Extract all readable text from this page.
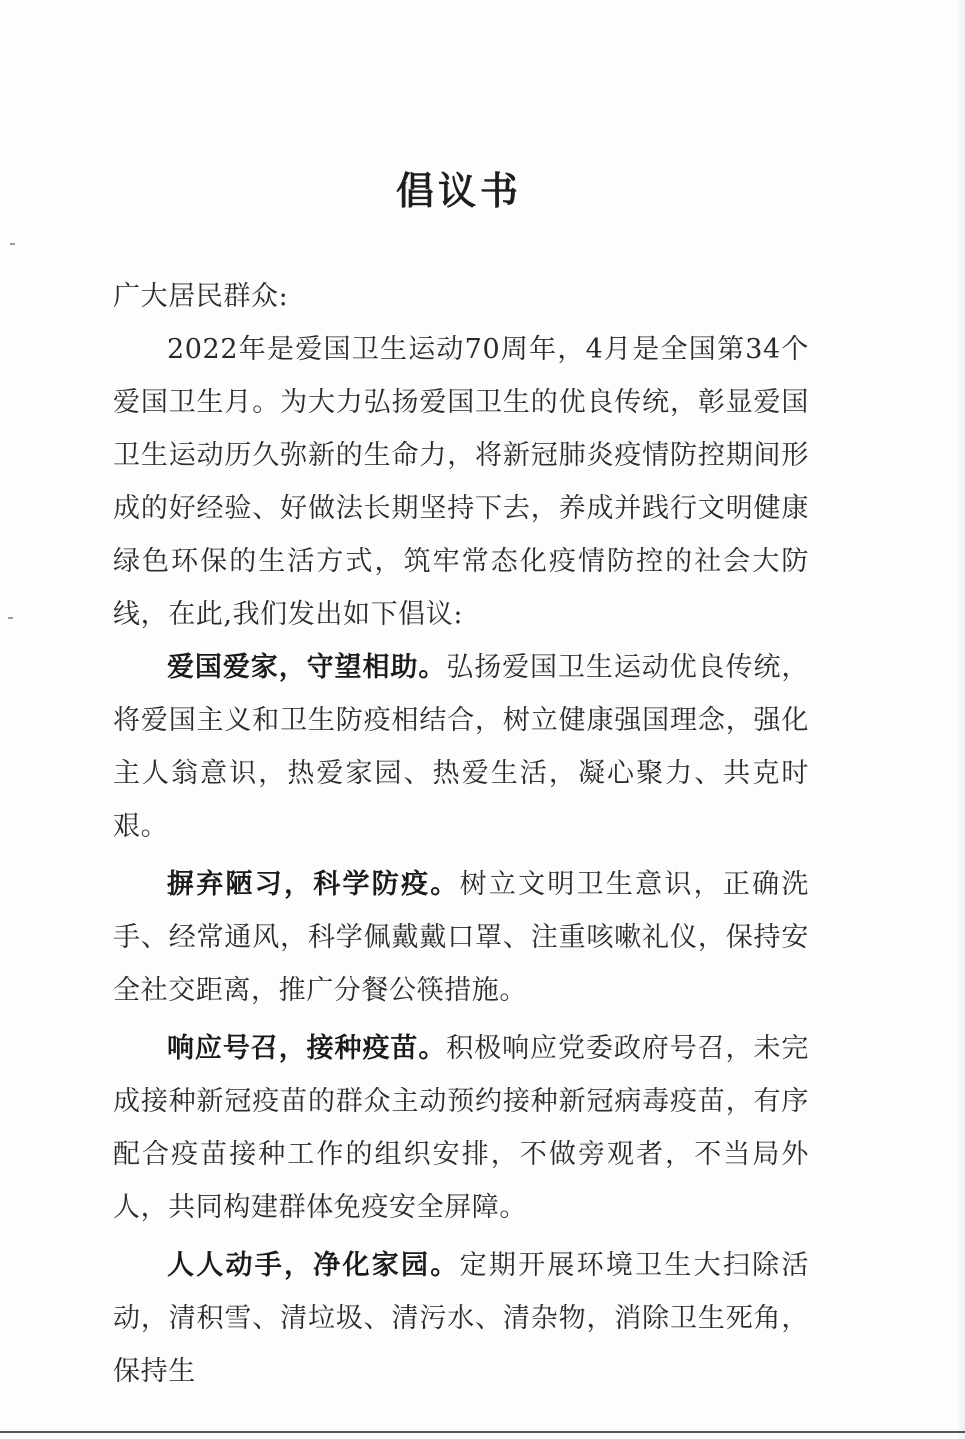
倡议书

广大居民群众:

2022年是爱国卫生运动70周年，4月是全国第34个爱国卫生月。为大力弘扬爱国卫生的优良传统，彰显爱国卫生运动历久弥新的生命力，将新冠肺炎疫情防控期间形成的好经验、好做法长期坚持下去，养成并践行文明健康绿色环保的生活方式，筑牢常态化疫情防控的社会大防线，在此,我们发出如下倡议:

爱国爱家，守望相助。弘扬爱国卫生运动优良传统，将爱国主义和卫生防疫相结合，树立健康强国理念，强化主人翁意识，热爱家园、热爱生活，凝心聚力、共克时艰。

摒弃陋习，科学防疫。树立文明卫生意识，正确洗手、经常通风，科学佩戴戴口罩、注重咳嗽礼仪，保持安全社交距离，推广分餐公筷措施。

响应号召，接种疫苗。积极响应党委政府号召，未完成接种新冠疫苗的群众主动预约接种新冠病毒疫苗，有序配合疫苗接种工作的组织安排，不做旁观者，不当局外人，共同构建群体免疫安全屏障。

人人动手，净化家园。定期开展环境卫生大扫除活动，清积雪、清垃圾、清污水、清杂物，消除卫生死角，保持生
